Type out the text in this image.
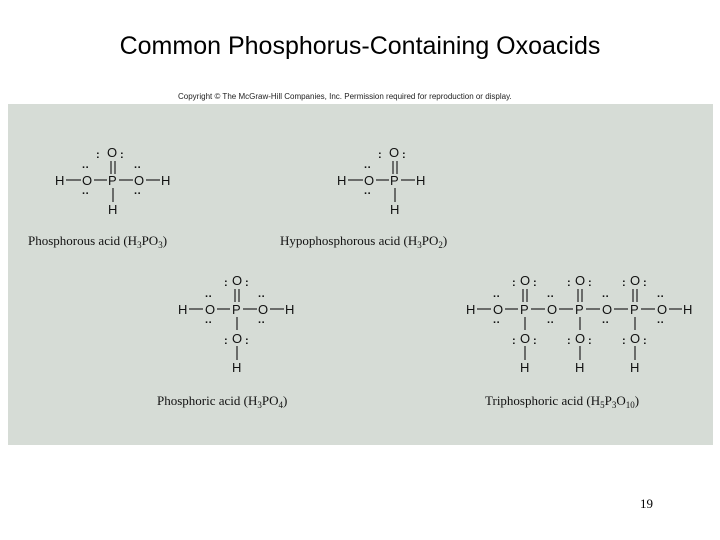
Common Phosphorus-Containing Oxoacids
Copyright © The McGraw-Hill Companies, Inc. Permission required for reproduction or display.
: O :
H
··
O
··
P
··
O
··
H
H
Phosphorous acid $(H_3PO_3)$
: O :
H
··
O
··
P H
H
Hypophosphorous acid $(H_3PO_2)$
: O :
H
··
O
··
P
··
O
··
H
: O :
H
Phosphoric acid $(H_3PO_4)$
: O :	: O :	: O :
H
··
O
··
P
··
O
··
P
··
O
··
P
··
O
··
H
: O :
H
: O :
H
: O :
H
Triphosphoric acid $(H_5P_3O_{10})$
19
